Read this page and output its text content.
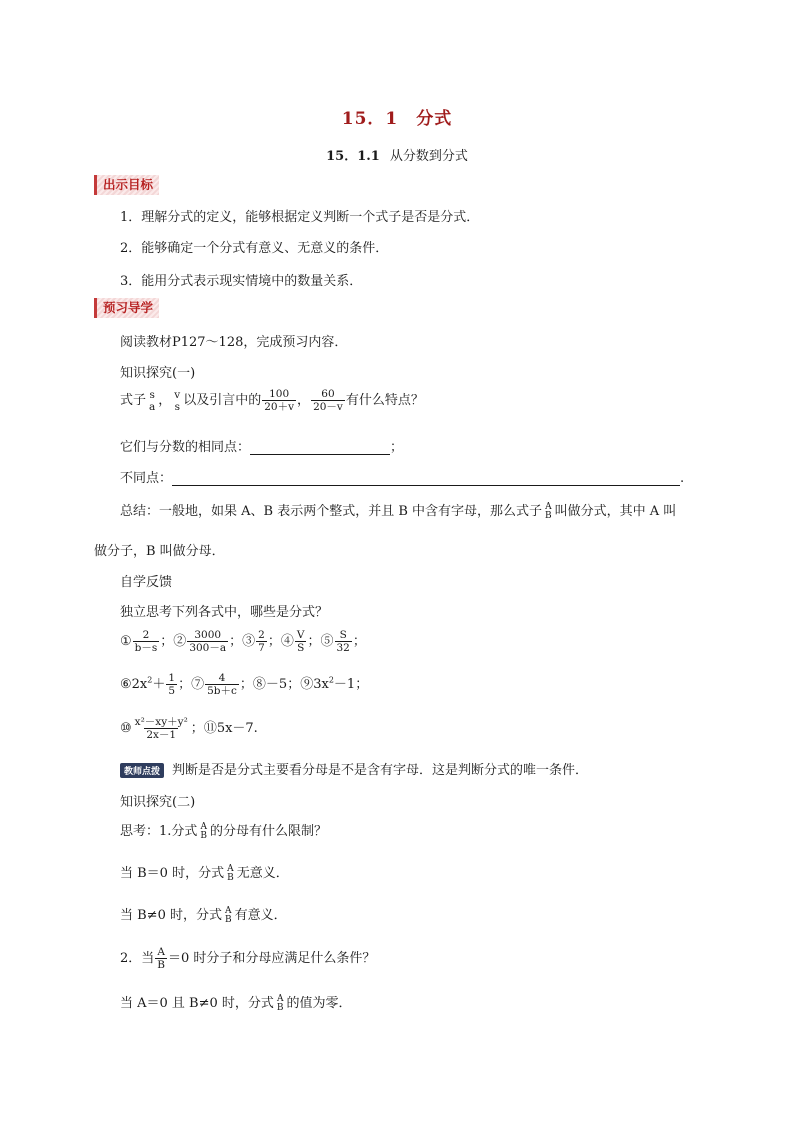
15．1　分式
15．1.1 从分数到分式
出示目标
1．理解分式的定义，能够根据定义判断一个式子是否是分式．
2．能够确定一个分式有意义、无意义的条件．
3．能用分式表示现实情境中的数量关系．
预习导学
阅读教材P127～128，完成预习内容．
知识探究(一)
式子 s
a ， v
s 以及引言中的 $\frac{100}{20+v}$ ， $\frac{60}{20-v}$ 有什么特点？
它们与分数的相同点：	；
不同点：	.
总结：一般地，如果 A、B 表示两个整式，并且 B 中含有字母，那么式子 A
B 叫做分式，其中 A 叫
做分子，B 叫做分母．
自学反馈
独立思考下列各式中，哪些是分式？
① $\frac{2}{b-s}$ ；② $\frac{3000}{300-a}$ ；③ $\frac{2}{7}$ ；④ $\frac{V}{S}$ ；⑤ $\frac{S}{32}$ ；
$⑥2x^2+ \frac{1}{5}$ ；⑦ $\frac{4}{5b+c}$ ；⑧－5；$⑨3x^2-1$；
⑩ $\frac{\text{x²－xy＋y²}}{2x-1}$ ；⑪5x－7.
教师点拨 判断是否是分式主要看分母是不是含有字母．这是判断分式的唯一条件．
知识探究(二)
思考：1.分式 A
B 的分母有什么限制？
当 B＝0 时，分式 A
B 无意义．
当 B≠0 时，分式 A
B 有意义．
2．当 $\frac{A}{B} =0$ 时分子和分母应满足什么条件？
当 A＝0 且 B≠0 时，分式 A
B 的值为零．
